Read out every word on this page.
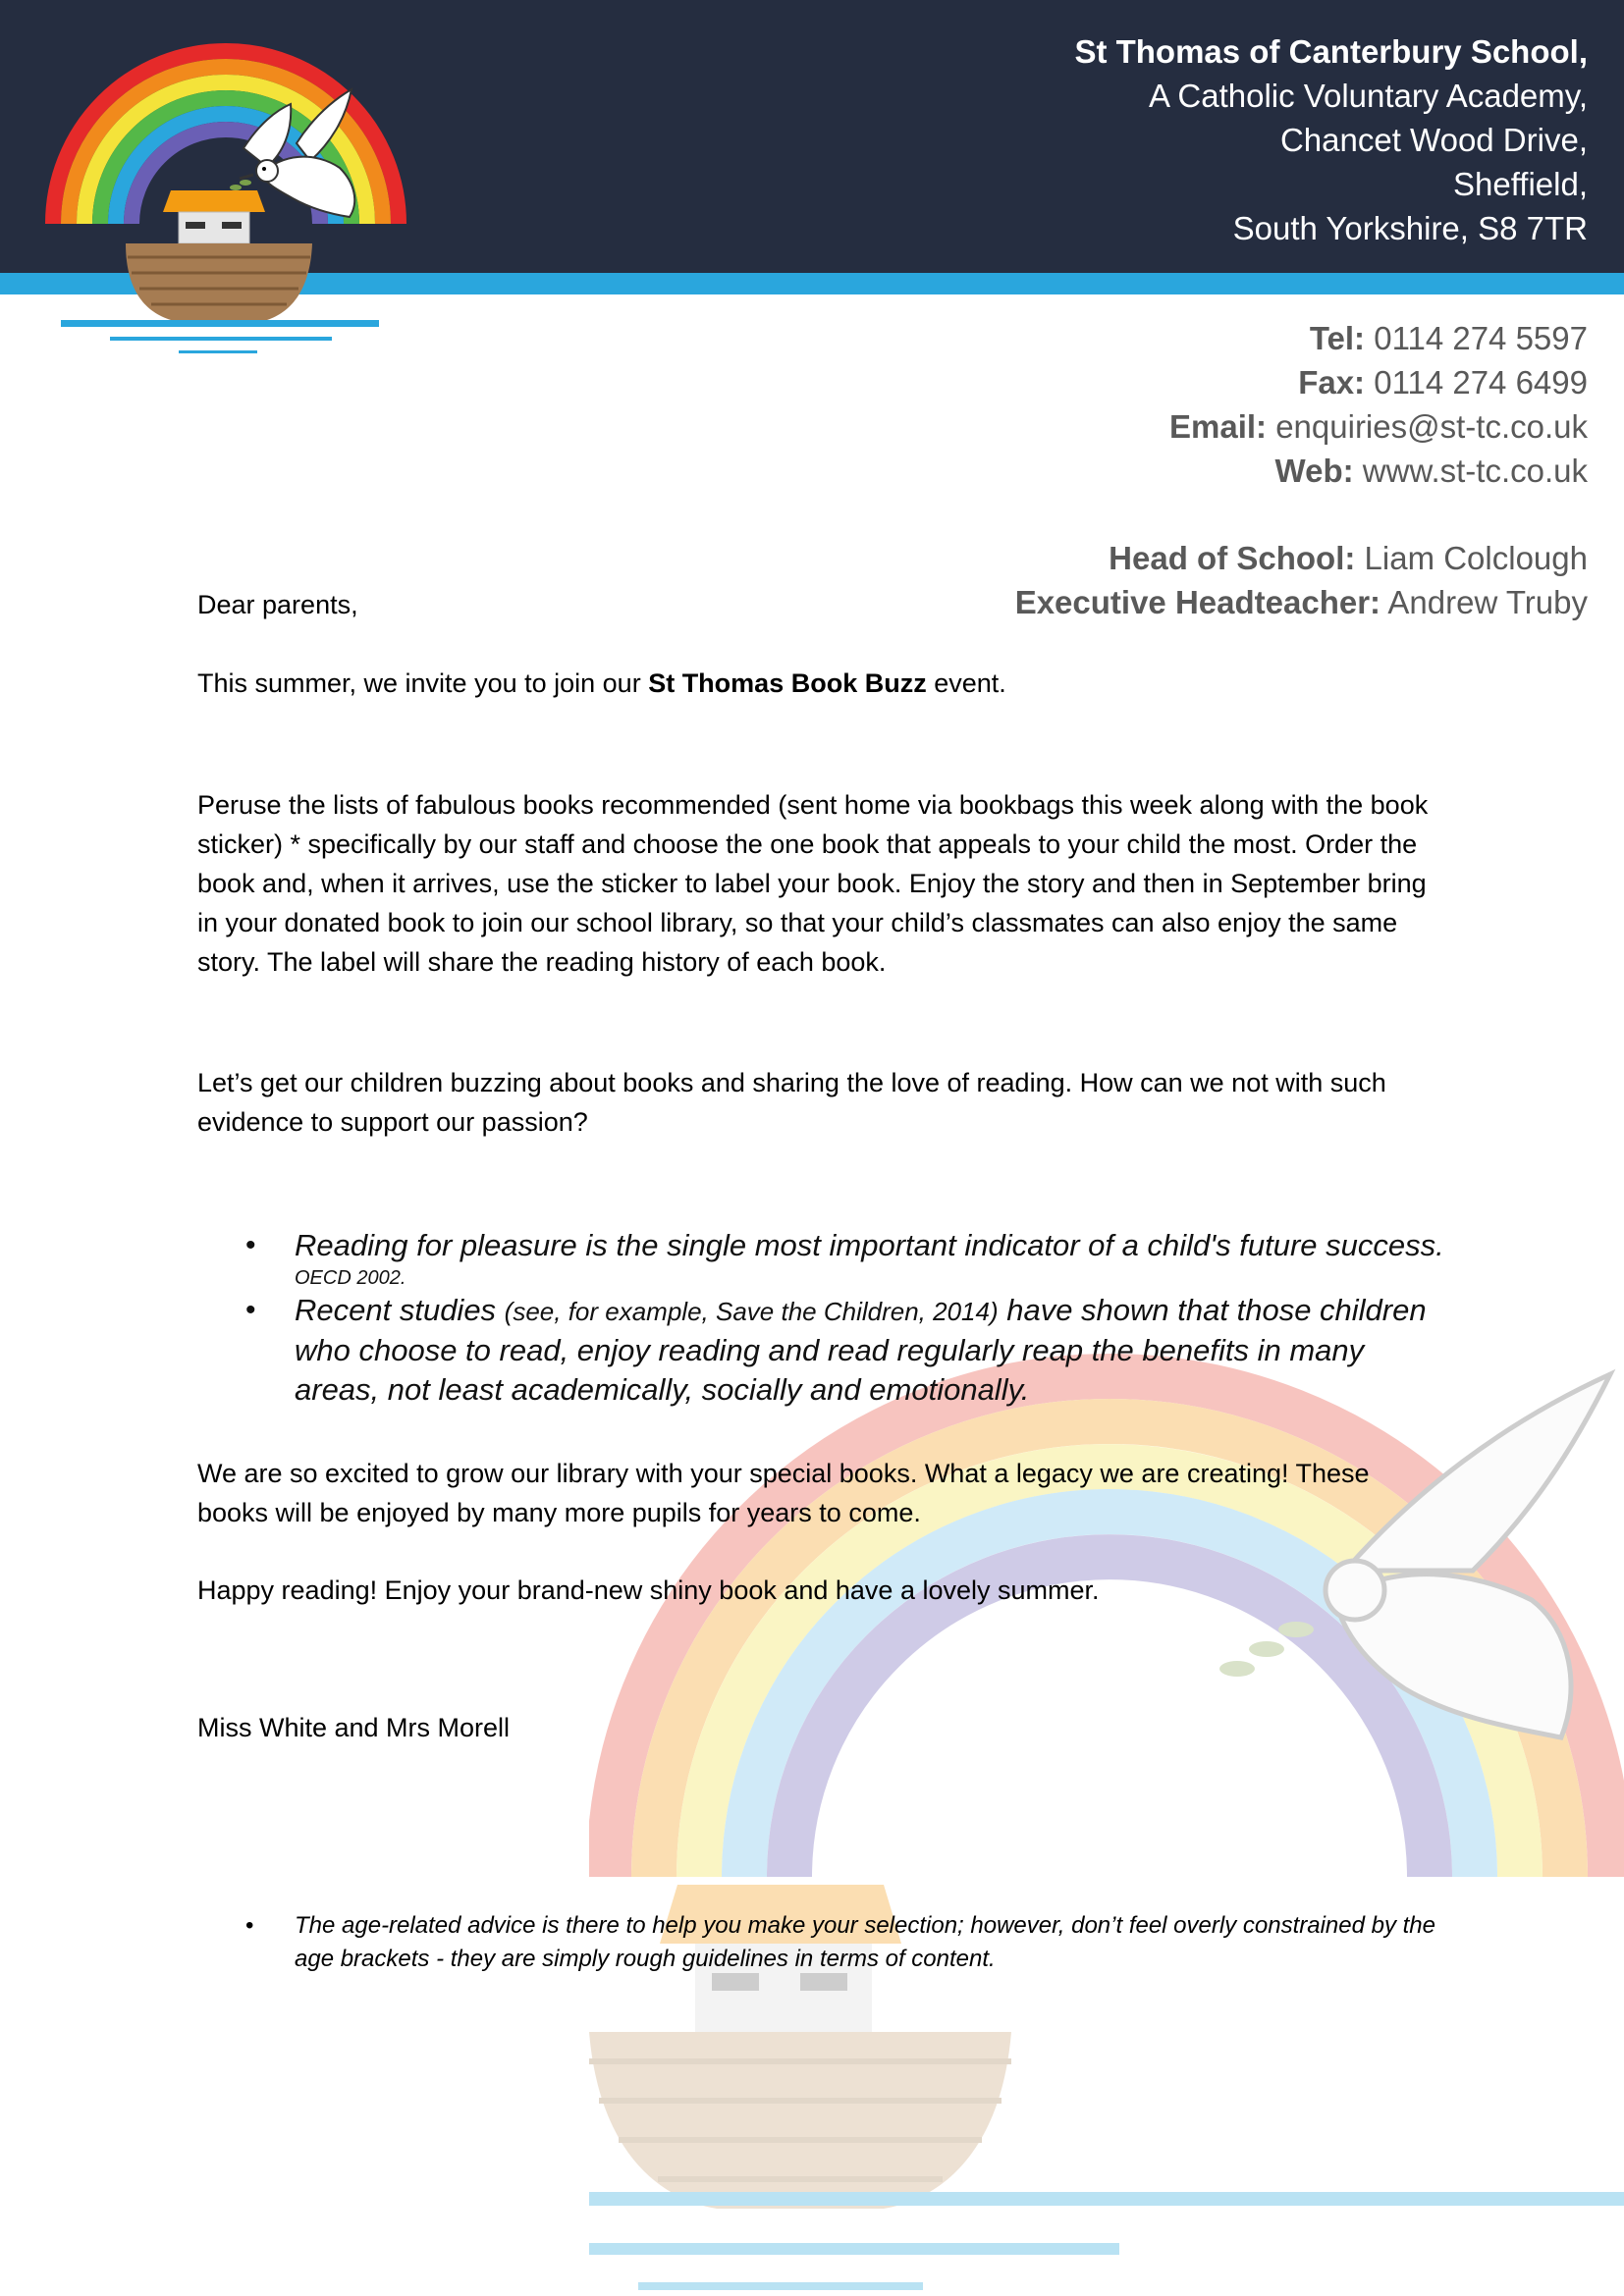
St Thomas of Canterbury School,
A Catholic Voluntary Academy,
Chancet Wood Drive,
Sheffield,
South Yorkshire, S8 7TR
Tel: 0114 274 5597
Fax: 0114 274 6499
Email: enquiries@st-tc.co.uk
Web: www.st-tc.co.uk
Head of School: Liam Colclough
Executive Headteacher: Andrew Truby

Dear parents,

This summer, we invite you to join our St Thomas Book Buzz event.

Peruse the lists of fabulous books recommended (sent home via bookbags this week along with the book sticker) * specifically by our staff and choose the one book that appeals to your child the most. Order the book and, when it arrives, use the sticker to label your book. Enjoy the story and then in September bring in your donated book to join our school library, so that your child’s classmates can also enjoy the same story. The label will share the reading history of each book.

Let’s get our children buzzing about books and sharing the love of reading. How can we not with such evidence to support our passion?

• Reading for pleasure is the single most important indicator of a child's future success.
OECD 2002.
• Recent studies (see, for example, Save the Children, 2014) have shown that those children who choose to read, enjoy reading and read regularly reap the benefits in many areas, not least academically, socially and emotionally.

We are so excited to grow our library with your special books. What a legacy we are creating! These books will be enjoyed by many more pupils for years to come.

Happy reading! Enjoy your brand-new shiny book and have a lovely summer.

Miss White and Mrs Morell

• The age-related advice is there to help you make your selection; however, don’t feel overly constrained by the age brackets - they are simply rough guidelines in terms of content.
